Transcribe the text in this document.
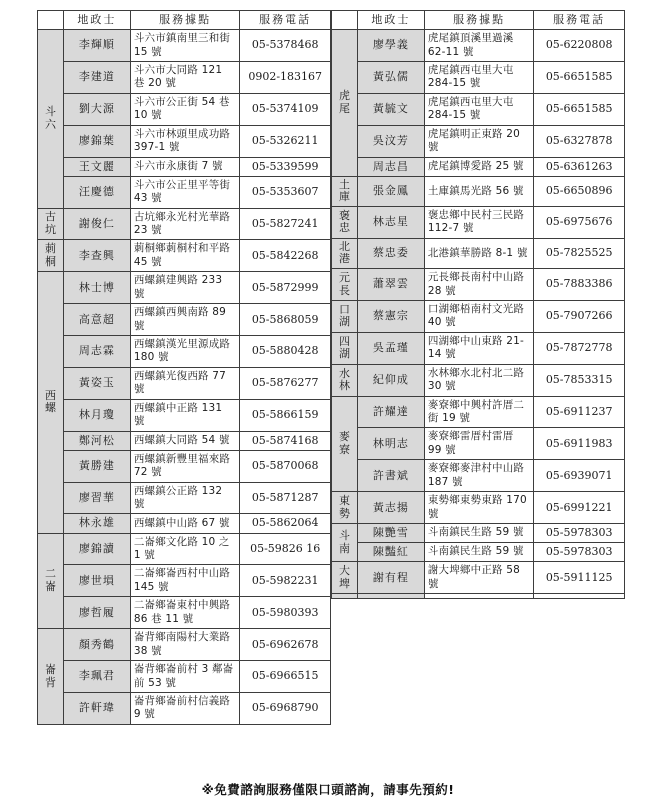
	地政士	服務據點	服務電話

斗
六	李輝順	斗六市鎮南里三和街 15 號	05-5378468
	李建道	斗六市大同路 121 巷 20 號	0902-183167
	劉大源	斗六市公正街 54 巷 10 號	05-5374109
	廖錦葉	斗六市林頭里成功路 397-1 號	05-5326211
	王文麗	斗六市永康街 7 號	05-5339599
	汪慶德	斗六市公正里平等街 43 號	05-5353607

古
坑	謝俊仁	古坑鄉永光村光華路 23 號	05-5827241

莿
桐	李查興	莿桐鄉莿桐村和平路 45 號	05-5842268

西
螺	林士博	西螺鎮建興路 233 號	05-5872999
	高意超	西螺鎮西興南路 89 號	05-5868059
	周志霖	西螺鎮漢光里源成路 180 號	05-5880428
	黃姿玉	西螺鎮光復西路 77 號	05-5876277
	林月瓊	西螺鎮中正路 131 號	05-5866159
	鄭河松	西螺鎮大同路 54 號	05-5874168
	黃勝建	西螺鎮新豐里福來路 72 號	05-5870068
	廖習華	西螺鎮公正路 132 號	05-5871287
	林永雄	西螺鎮中山路 67 號	05-5862064

二
崙	廖錦讀	二崙鄉文化路 10 之 1 號	05-59826 16
	廖世塤	二崙鄉崙西村中山路 145 號	05-5982231
	廖哲履	二崙鄉崙東村中興路 86 巷 11 號	05-5980393

崙
背	顏秀鶴	崙背鄉南陽村大業路 38 號	05-6962678
	李珮君	崙背鄉崙前村 3 鄰崙前 53 號	05-6966515
	許軒瑋	崙背鄉崙前村信義路 9 號	05-6968790
	地政士	服務據點	服務電話

虎
尾	廖學義	虎尾鎮頂溪里過溪 62-11 號	05-6220808
	黃弘儒	虎尾鎮西屯里大屯 284-15 號	05-6651585
	黃毓文	虎尾鎮西屯里大屯 284-15 號	05-6651585
	吳汶芳	虎尾鎮明正東路 20 號	05-6327878
	周志昌	虎尾鎮博愛路 25 號	05-6361263

土
庫	張金鳳	土庫鎮馬光路 56 號	05-6650896

褒
忠	林志星	褒忠鄉中民村三民路 112-7 號	05-6975676

北
港	蔡忠委	北港鎮華勝路 8-1 號	05-7825525

元
長	蕭翠雲	元長鄉長南村中山路 28 號	05-7883386

口
湖	蔡憲宗	口湖鄉梧南村文光路 40 號	05-7907266

四
湖	吳孟瑾	四湖鄉中山東路 21-14 號	05-7872778

水
林	紀仰成	水林鄉水北村北二路 30 號	05-7853315

麥
寮	許耀達	麥寮鄉中興村許厝二街 19 號	05-6911237
	林明志	麥寮鄉雷厝村雷厝 99 號	05-6911983
	許書斌	麥寮鄉麥津村中山路 187 號	05-6939071

東
勢	黃志揚	東勢鄉東勢東路 170 號	05-6991221

斗
南	陳艷雪	斗南鎮民生路 59 號	05-5978303
	陳豔紅	斗南鎮民生路 59 號	05-5978303

大
埤	謝有程	謝大埤鄉中正路 58 號	05-5911125

※免費諮詢服務僅限口頭諮詢，請事先預約!
